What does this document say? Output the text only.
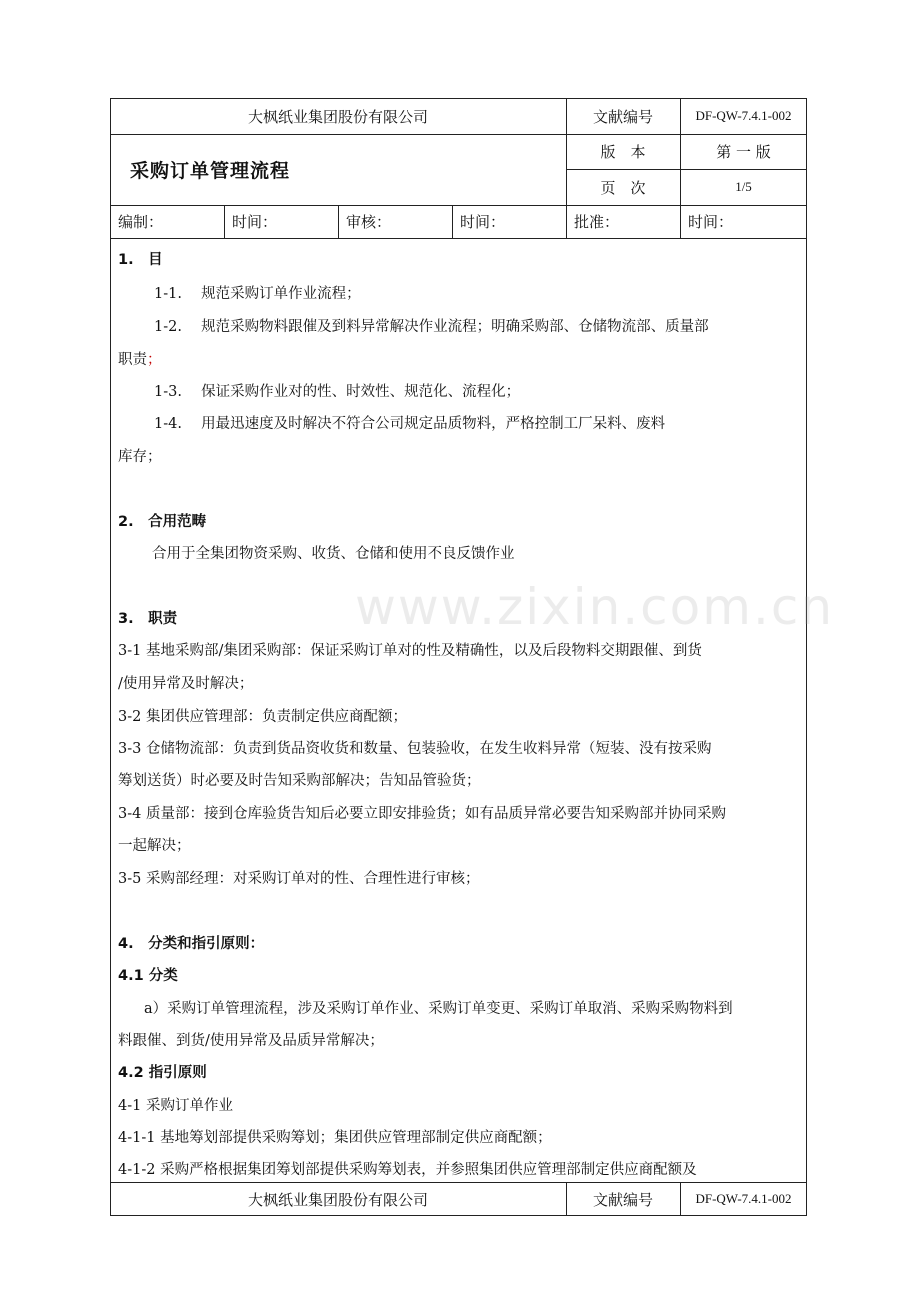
大枫纸业集团股份有限公司	文献编号	DF-QW-7.4.1-002
采购订单管理流程
版　本	第 一 版
页　次	1/5
编制：	时间：	审核：	时间：	批准：	时间：
1.　目
1-1.　 规范采购订单作业流程；
1-2.　 规范采购物料跟催及到料异常解决作业流程；明确采购部、仓储物流部、质量部
职责；
1-3.　 保证采购作业对的性、时效性、规范化、流程化；
1-4.　 用最迅速度及时解决不符合公司规定品质物料，严格控制工厂呆料、废料
库存；
2.　合用范畴
合用于全集团物资采购、收货、仓储和使用不良反馈作业
3.　职责
3-1 基地采购部/集团采购部：保证采购订单对的性及精确性，以及后段物料交期跟催、到货
/使用异常及时解决；
3-2 集团供应管理部：负责制定供应商配额；
3-3 仓储物流部：负责到货品资收货和数量、包装验收，在发生收料异常（短装、没有按采购
筹划送货）时必要及时告知采购部解决；告知品管验货；
3-4 质量部：接到仓库验货告知后必要立即安排验货；如有品质异常必要告知采购部并协同采购
一起解决；
3-5 采购部经理：对采购订单对的性、合理性进行审核；
4.　分类和指引原则：
4.1 分类
a）采购订单管理流程，涉及采购订单作业、采购订单变更、采购订单取消、采购采购物料到
料跟催、到货/使用异常及品质异常解决；
4.2 指引原则
4-1 采购订单作业
4-1-1 基地筹划部提供采购筹划；集团供应管理部制定供应商配额；
4-1-2 采购严格根据集团筹划部提供采购筹划表，并参照集团供应管理部制定供应商配额及
www.zixin.com.cn
大枫纸业集团股份有限公司	文献编号	DF-QW-7.4.1-002
